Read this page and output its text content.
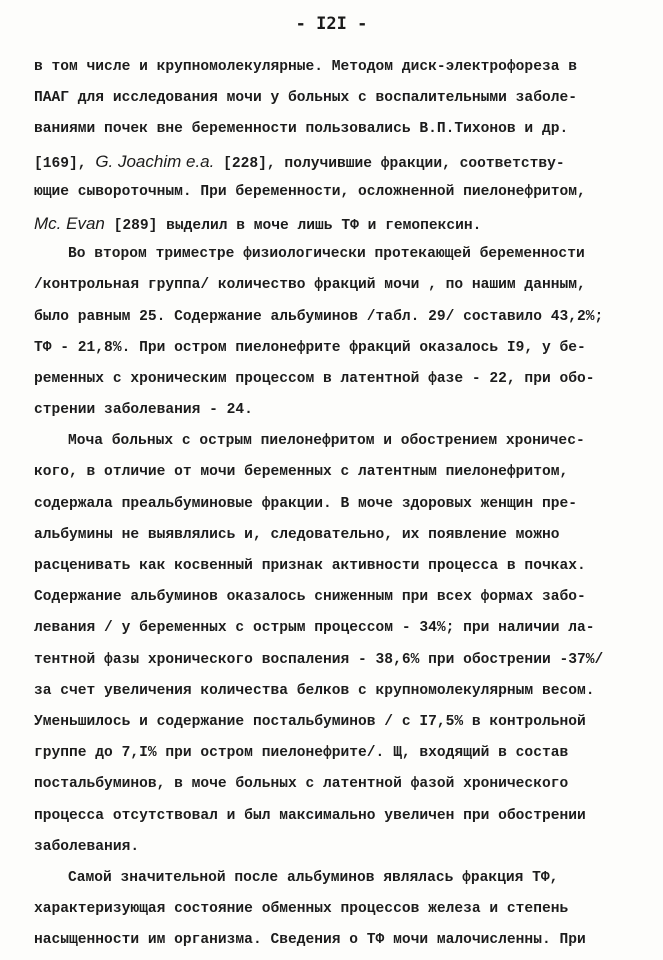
- I2I -
в том числе и крупномолекулярные. Методом диск-электрофореза в
ПААГ для исследования мочи у больных с воспалительными заболе-
ваниями почек вне беременности пользовались В.П.Тихонов и др.
[169], G. Joachim e.a. [228], получившие фракции, соответству-
ющие сывороточным. При беременности, осложненной пиелонефритом,
Mc. Evan [289] выделил в моче лишь ТФ и гемопексин.
Во втором триместре физиологически протекающей беременности
/контрольная группа/ количество фракций мочи , по нашим данным,
было равным 25. Содержание альбуминов /табл. 29/ составило 43,2%;
ТФ - 21,8%. При остром пиелонефрите фракций оказалось I9, у бе-
ременных с хроническим процессом в латентной фазе - 22, при обо-
стрении заболевания - 24.
Моча больных с острым пиелонефритом и обострением хроничес-
кого, в отличие от мочи беременных с латентным пиелонефритом,
содержала преальбуминовые фракции. В моче здоровых женщин пре-
альбумины не выявлялись и, следовательно, их появление можно
расценивать как косвенный признак активности процесса в почках.
Содержание альбуминов оказалось сниженным при всех формах забо-
левания / у беременных с острым процессом - 34%; при наличии ла-
тентной фазы хронического воспаления - 38,6% при обострении -37%/
за счет увеличения количества белков с крупномолекулярным весом.
Уменьшилось и содержание постальбуминов / с I7,5% в контрольной
группе до 7,I% при остром пиелонефрите/. Щ, входящий в состав
постальбуминов, в моче больных с латентной фазой хронического
процесса отсутствовал и был максимально увеличен при обострении
заболевания.
Самой значительной после альбуминов являлась фракция ТФ,
характеризующая состояние обменных процессов железа и степень
насыщенности им организма. Сведения о ТФ мочи малочисленны. При
